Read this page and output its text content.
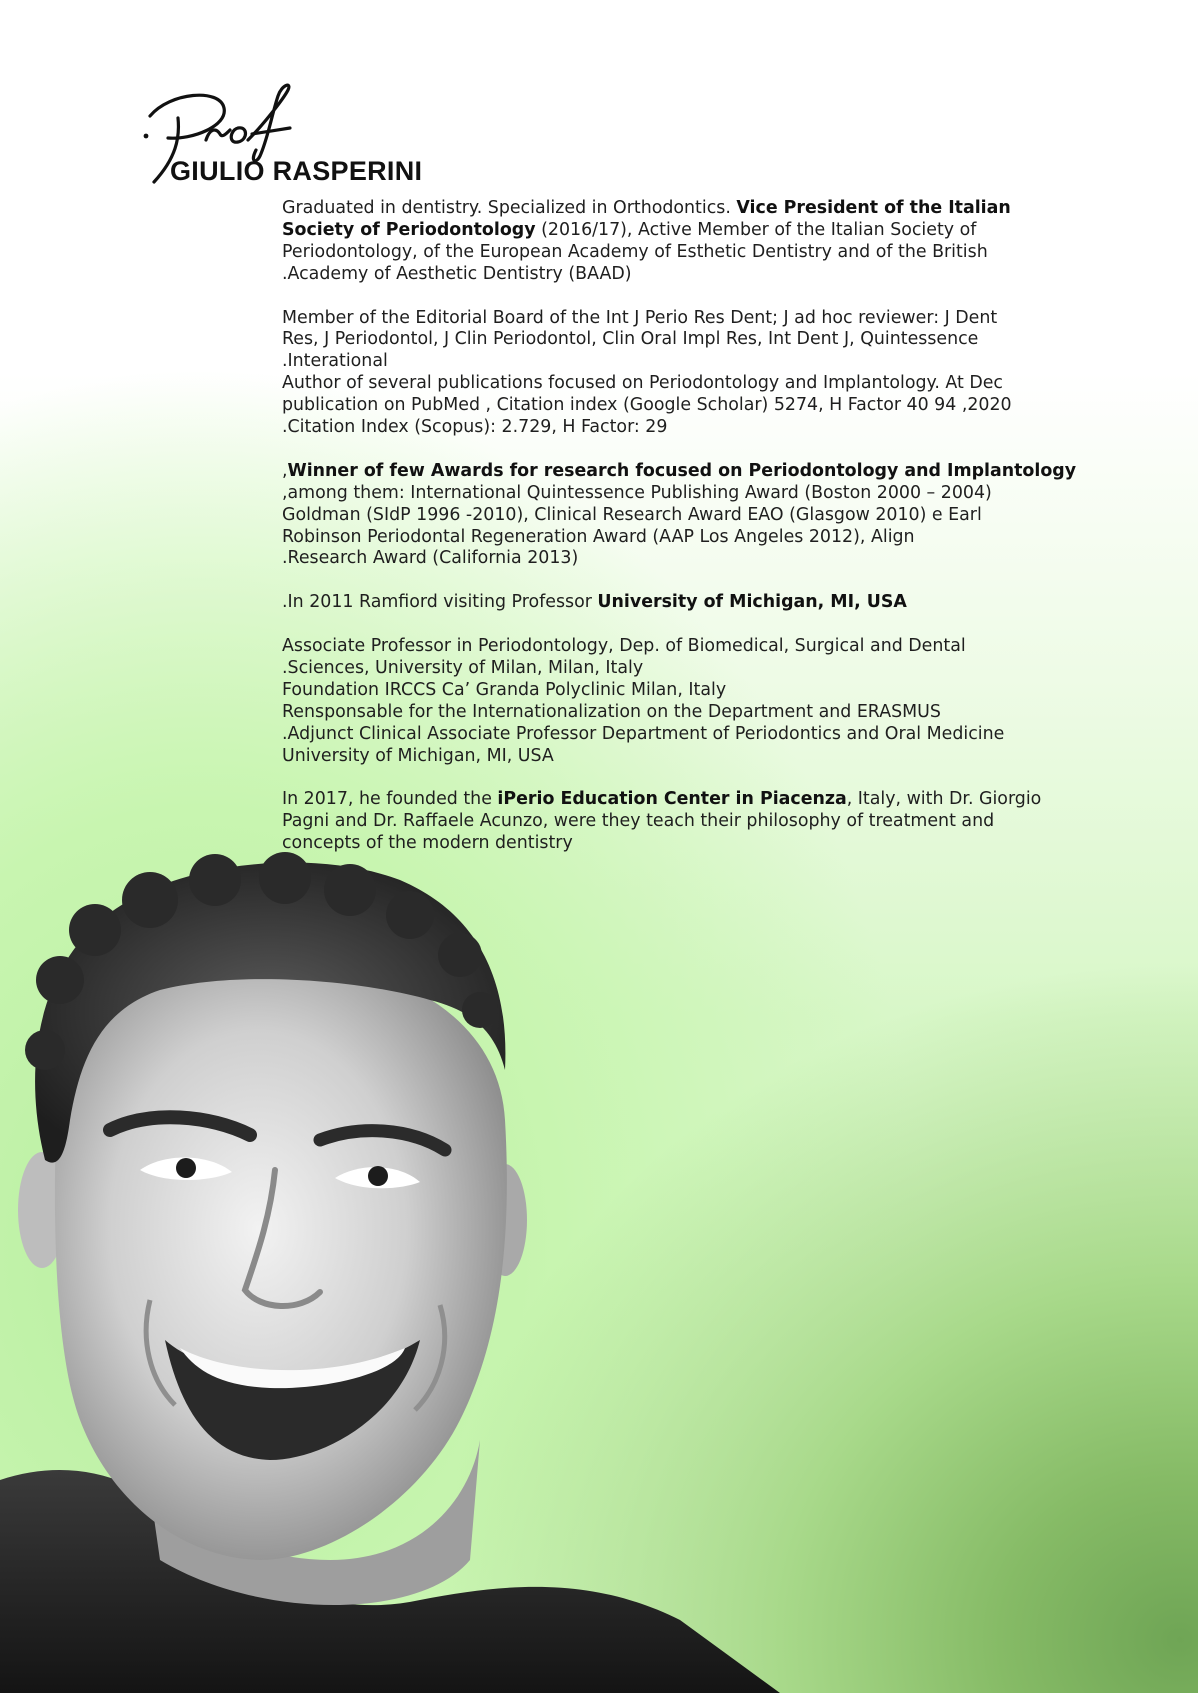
Prof
GIULIO RASPERINI

Graduated in dentistry. Specialized in Orthodontics. Vice President of the Italian
Society of Periodontology (2016/17), Active Member of the Italian Society of
Periodontology, of the European Academy of Esthetic Dentistry and of the British
.Academy of Aesthetic Dentistry (BAAD)

Member of the Editorial Board of the Int J Perio Res Dent; J ad hoc reviewer: J Dent
Res, J Periodontol, J Clin Periodontol, Clin Oral Impl Res, Int Dent J, Quintessence
.Interational

Author of several publications focused on Periodontology and Implantology. At Dec
publication on PubMed , Citation index (Google Scholar) 5274, H Factor 40 94 ,2020
.Citation Index (Scopus): 2.729, H Factor: 29

,Winner of few Awards for research focused on Periodontology and Implantology
,among them: International Quintessence Publishing Award (Boston 2000 – 2004)
Goldman (SIdP 1996 -2010), Clinical Research Award EAO (Glasgow 2010) e Earl
Robinson Periodontal Regeneration Award (AAP Los Angeles 2012), Align
.Research Award (California 2013)

.In 2011 Ramfiord visiting Professor University of Michigan, MI, USA

Associate Professor in Periodontology, Dep. of Biomedical, Surgical and Dental
.Sciences, University of Milan, Milan, Italy
Foundation IRCCS Ca’ Granda Polyclinic Milan, Italy
Rensponsable for the Internationalization on the Department and ERASMUS
.Adjunct Clinical Associate Professor Department of Periodontics and Oral Medicine
University of Michigan, MI, USA

In 2017, he founded the iPerio Education Center in Piacenza, Italy, with Dr. Giorgio
Pagni and Dr. Raffaele Acunzo, were they teach their philosophy of treatment and
concepts of the modern dentistry
